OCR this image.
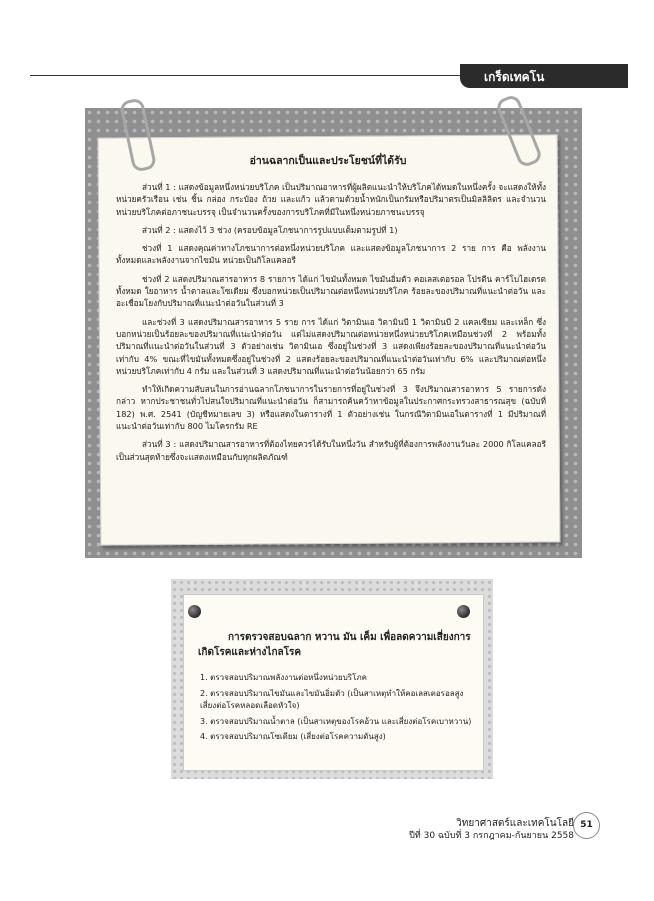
เกร็ดเทคโน
อ่านฉลากเป็นและประโยชน์ที่ได้รับ

ส่วนที่ 1 : แสดงข้อมูลหนึ่งหน่วยบริโภค เป็นปริมาณอาหารที่ผู้ผลิตแนะนำให้บริโภคได้หมดในหนึ่งครั้ง จะแสดงให้ทั้งหน่วยครัวเรือน เช่น ชิ้น กล่อง กระป๋อง ถ้วย และแก้ว แล้วตามด้วยน้ำหนักเป็นกรัมหรือปริมาตรเป็นมิลลิลิตร และจำนวนหน่วยบริโภคต่อภาชนะบรรจุ เป็นจำนวนครั้งของการบริโภคที่มีในหนึ่งหน่วยภาชนะบรรจุ

ส่วนที่ 2 : แสดงไว้ 3 ช่วง (ครอบข้อมูลโภชนาการรูปแบบเต็มตามรูปที่ 1)

ช่วงที่ 1 แสดงคุณค่าทางโภชนาการต่อหนึ่งหน่วยบริโภค และแสดงข้อมูลโภชนาการ 2 ราย การ คือ พลังงานทั้งหมดและพลังงานจากไขมัน หน่วยเป็นกิโลแคลอรี

ช่วงที่ 2 แสดงปริมาณสารอาหาร 8 รายการ ได้แก่ ไขมันทั้งหมด ไขมันอิ่มตัว คอเลสเตอรอล โปรตีน คาร์โบไฮเดรตทั้งหมด ใยอาหาร น้ำตาลและโซเดียม ซึ่งบอกหน่วยเป็นปริมาณต่อหนึ่งหน่วยบริโภค ร้อยละของปริมาณที่แนะนำต่อวัน และอะเชื่อมโยงกับปริมาณที่แนะนำต่อวันในส่วนที่ 3

และช่วงที่ 3 แสดงปริมาณสารอาหาร 5 ราย การ ได้แก่ วิตามินเอ วิตามินบี 1 วิตามินบี 2 แคลเซียม และเหล็ก ซึ่งบอกหน่วยเป็นร้อยละของปริมาณที่แนะนำต่อวัน แต่ไม่แสดงปริมาณต่อหน่วยหนึ่งหน่วยบริโภคเหมือนช่วงที่ 2 พร้อมทั้งปริมาณที่แนะนำต่อวันในส่วนที่ 3 ตัวอย่างเช่น วิตามินเอ ซึ่งอยู่ในช่วงที่ 3 แสดงเพียงร้อยละของปริมาณที่แนะนำต่อวันเท่ากับ 4% ขณะที่ไขมันทั้งหมดซึ่งอยู่ในช่วงที่ 2 แสดงร้อยละของปริมาณที่แนะนำต่อวันเท่ากับ 6% และปริมาณต่อหนึ่งหน่วยบริโภคเท่ากับ 4 กรัม และในส่วนที่ 3 แสดงปริมาณที่แนะนำต่อวันน้อยกว่า 65 กรัม

ทำให้เกิดความสับสนในการอ่านฉลากโภชนาการในรายการที่อยู่ในช่วงที่ 3 จึงปริมาณสารอาหาร 5 รายการดังกล่าว หากประชาชนทั่วไปสนใจปริมาณที่แนะนำต่อวัน ก็สามารถค้นคว้าหาข้อมูลในประกาศกระทรวงสาธารณสุข (ฉบับที่ 182) พ.ศ. 2541 (บัญชีหมายเลข 3) หรือแสดงในตารางที่ 1 ตัวอย่างเช่น ในกรณีวิตามินเอในตารางที่ 1 มีปริมาณที่แนะนำต่อวันเท่ากับ 800 ไมโครกรัม RE

ส่วนที่ 3 : แสดงปริมาณสารอาหารที่ต้องไทยควรได้รับในหนึ่งวัน สำหรับผู้ที่ต้องการพลังงานวันละ 2000 กิโลแคลอรี เป็นส่วนสุดท้ายซึ่งจะแสดงเหมือนกับทุกผลิตภัณฑ์

การตรวจสอบฉลาก หวาน มัน เค็ม เพื่อลดความเสี่ยงการเกิดโรคและห่างไกลโรค
1. ตรวจสอบปริมาณพลังงานต่อหนึ่งหน่วยบริโภค
2. ตรวจสอบปริมาณไขมันและไขมันอิ่มตัว (เป็นสาเหตุทำให้คอเลสเตอรอลสูง เสี่ยงต่อโรคหลอดเลือดหัวใจ)
3. ตรวจสอบปริมาณน้ำตาล (เป็นสาเหตุของโรคอ้วน และเสี่ยงต่อโรคเบาหวาน)
4. ตรวจสอบปริมาณโซเดียม (เสี่ยงต่อโรคความดันสูง)
วิทยาศาสตร์และเทคโนโลยี
ปีที่ 30 ฉบับที่ 3 กรกฎาคม-กันยายน 2558
51
